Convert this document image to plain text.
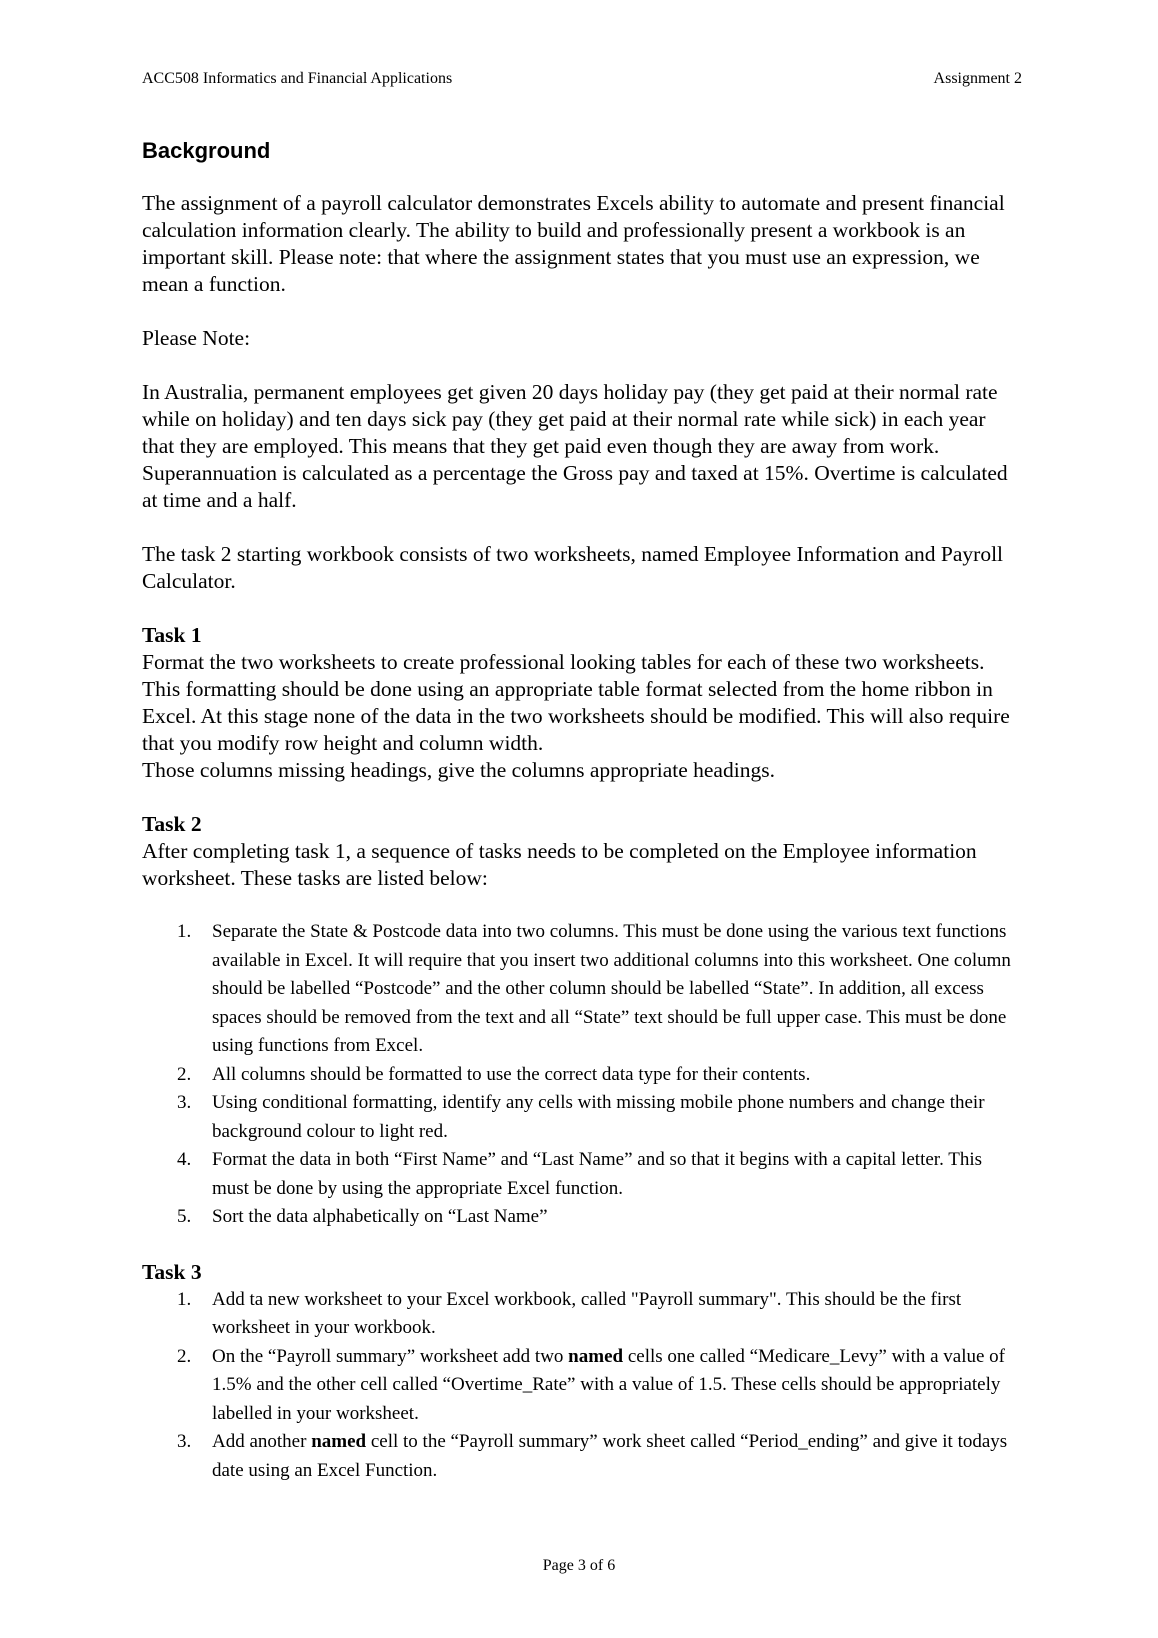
ACC508 Informatics and Financial Applications	Assignment 2
Background
The assignment of a payroll calculator demonstrates Excels ability to automate and present financial calculation information clearly. The ability to build and professionally present a workbook is an important skill. Please note: that where the assignment states that you must use an expression, we mean a function.
Please Note:
In Australia, permanent employees get given 20 days holiday pay (they get paid at their normal rate while on holiday) and ten days sick pay (they get paid at their normal rate while sick) in each year that they are employed. This means that they get paid even though they are away from work. Superannuation is calculated as a percentage the Gross pay and taxed at 15%. Overtime is calculated at time and a half.
The task 2 starting workbook consists of two worksheets, named Employee Information and Payroll Calculator.
Task 1

Format the two worksheets to create professional looking tables for each of these two worksheets. This formatting should be done using an appropriate table format selected from the home ribbon in Excel. At this stage none of the data in the two worksheets should be modified. This will also require that you modify row height and column width.

Those columns missing headings, give the columns appropriate headings.

Task 2
After completing task 1, a sequence of tasks needs to be completed on the Employee information worksheet. These tasks are listed below:
1. Separate the State & Postcode data into two columns. This must be done using the various text functions available in Excel. It will require that you insert two additional columns into this worksheet. One column should be labelled “Postcode” and the other column should be labelled “State”. In addition, all excess spaces should be removed from the text and all “State” text should be full upper case. This must be done using functions from Excel.
2. All columns should be formatted to use the correct data type for their contents.
3. Using conditional formatting, identify any cells with missing mobile phone numbers and change their background colour to light red.
4. Format the data in both “First Name” and “Last Name” and so that it begins with a capital letter. This must be done by using the appropriate Excel function.
5. Sort the data alphabetically on “Last Name”
Task 3
1. Add ta new worksheet to your Excel workbook, called "Payroll summary". This should be the first worksheet in your workbook.
2. On the “Payroll summary” worksheet add two named cells one called “Medicare_Levy” with a value of 1.5% and the other cell called “Overtime_Rate” with a value of 1.5. These cells should be appropriately labelled in your worksheet.
3. Add another named cell to the “Payroll summary” work sheet called “Period_ending” and give it todays date using an Excel Function.
Page 3 of 6
